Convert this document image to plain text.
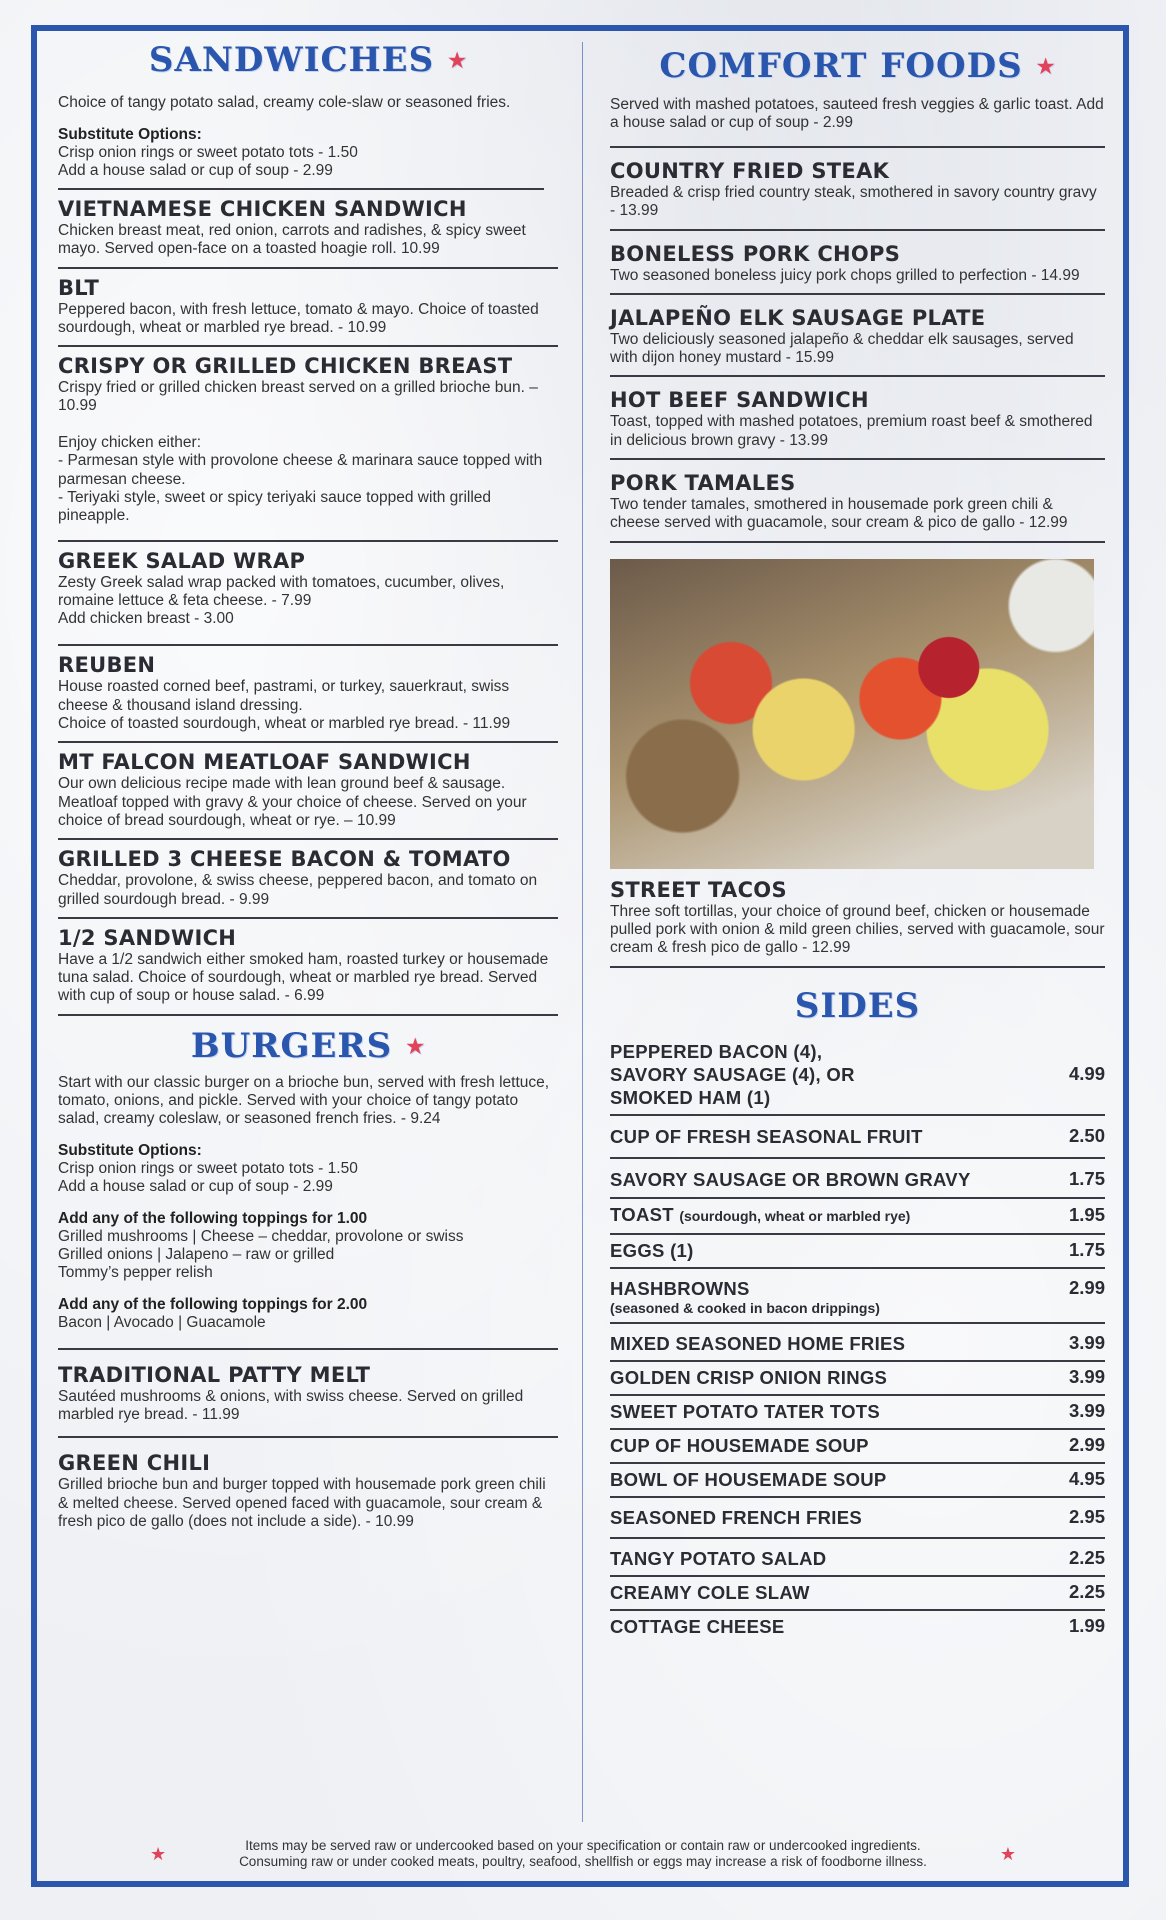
SANDWICHES ★
Choice of tangy potato salad, creamy cole-slaw or seasoned fries.
Substitute Options:
Crisp onion rings or sweet potato tots - 1.50
Add a house salad or cup of soup - 2.99
VIETNAMESE CHICKEN SANDWICH
Chicken breast meat, red onion, carrots and radishes, & spicy sweet mayo. Served open-face on a toasted hoagie roll. 10.99
BLT
Peppered bacon, with fresh lettuce, tomato & mayo. Choice of toasted sourdough, wheat or marbled rye bread. - 10.99
CRISPY OR GRILLED CHICKEN BREAST
Crispy fried or grilled chicken breast served on a grilled brioche bun. – 10.99

Enjoy chicken either:
- Parmesan style with provolone cheese & marinara sauce topped with parmesan cheese.
- Teriyaki style, sweet or spicy teriyaki sauce topped with grilled pineapple.
GREEK SALAD WRAP
Zesty Greek salad wrap packed with tomatoes, cucumber, olives, romaine lettuce & feta cheese. - 7.99
Add chicken breast - 3.00
REUBEN
House roasted corned beef, pastrami, or turkey, sauerkraut, swiss cheese & thousand island dressing.
Choice of toasted sourdough, wheat or marbled rye bread. - 11.99
MT FALCON MEATLOAF SANDWICH
Our own delicious recipe made with lean ground beef & sausage. Meatloaf topped with gravy & your choice of cheese. Served on your choice of bread sourdough, wheat or rye. – 10.99
GRILLED 3 CHEESE BACON & TOMATO
Cheddar, provolone, & swiss cheese, peppered bacon, and tomato on grilled sourdough bread. - 9.99
1/2 SANDWICH
Have a 1/2 sandwich either smoked ham, roasted turkey or housemade tuna salad. Choice of sourdough, wheat or marbled rye bread. Served with cup of soup or house salad. - 6.99
BURGERS ★
Start with our classic burger on a brioche bun, served with fresh lettuce, tomato, onions, and pickle. Served with your choice of tangy potato salad, creamy coleslaw, or seasoned french fries. - 9.24
Substitute Options:
Crisp onion rings or sweet potato tots - 1.50
Add a house salad or cup of soup - 2.99
Add any of the following toppings for 1.00
Grilled mushrooms | Cheese – cheddar, provolone or swiss
Grilled onions | Jalapeno – raw or grilled
Tommy’s pepper relish
Add any of the following toppings for 2.00
Bacon | Avocado | Guacamole
TRADITIONAL PATTY MELT
Sautéed mushrooms & onions, with swiss cheese. Served on grilled marbled rye bread. - 11.99
GREEN CHILI
Grilled brioche bun and burger topped with housemade pork green chili & melted cheese. Served opened faced with guacamole, sour cream & fresh pico de gallo (does not include a side). - 10.99
COMFORT FOODS ★
Served with mashed potatoes, sauteed fresh veggies & garlic toast. Add a house salad or cup of soup - 2.99
COUNTRY FRIED STEAK
Breaded & crisp fried country steak, smothered in savory country gravy - 13.99
BONELESS PORK CHOPS
Two seasoned boneless juicy pork chops grilled to perfection - 14.99
JALAPEÑO ELK SAUSAGE PLATE
Two deliciously seasoned jalapeño & cheddar elk sausages, served with dijon honey mustard - 15.99
HOT BEEF SANDWICH
Toast, topped with mashed potatoes, premium roast beef & smothered in delicious brown gravy - 13.99
PORK TAMALES
Two tender tamales, smothered in housemade pork green chili & cheese served with guacamole, sour cream & pico de gallo - 12.99
STREET TACOS
Three soft tortillas, your choice of ground beef, chicken or housemade pulled pork with onion & mild green chilies, served with guacamole, sour cream & fresh pico de gallo - 12.99
SIDES
PEPPERED BACON (4),
SAVORY SAUSAGE (4), OR
SMOKED HAM (1)
4.99
CUP OF FRESH SEASONAL FRUIT	2.50
SAVORY SAUSAGE OR BROWN GRAVY	1.75
TOAST (sourdough, wheat or marbled rye)	1.95
EGGS (1)	1.75
HASHBROWNS
(seasoned & cooked in bacon drippings)
2.99
MIXED SEASONED HOME FRIES	3.99
GOLDEN CRISP ONION RINGS	3.99
SWEET POTATO TATER TOTS	3.99
CUP OF HOUSEMADE SOUP	2.99
BOWL OF HOUSEMADE SOUP	4.95
SEASONED FRENCH FRIES	2.95
TANGY POTATO SALAD	2.25
CREAMY COLE SLAW	2.25
COTTAGE CHEESE	1.99
★	Items may be served raw or undercooked based on your specification or contain raw or undercooked ingredients.
Consuming raw or under cooked meats, poultry, seafood, shellfish or eggs may increase a risk of foodborne illness.	★
